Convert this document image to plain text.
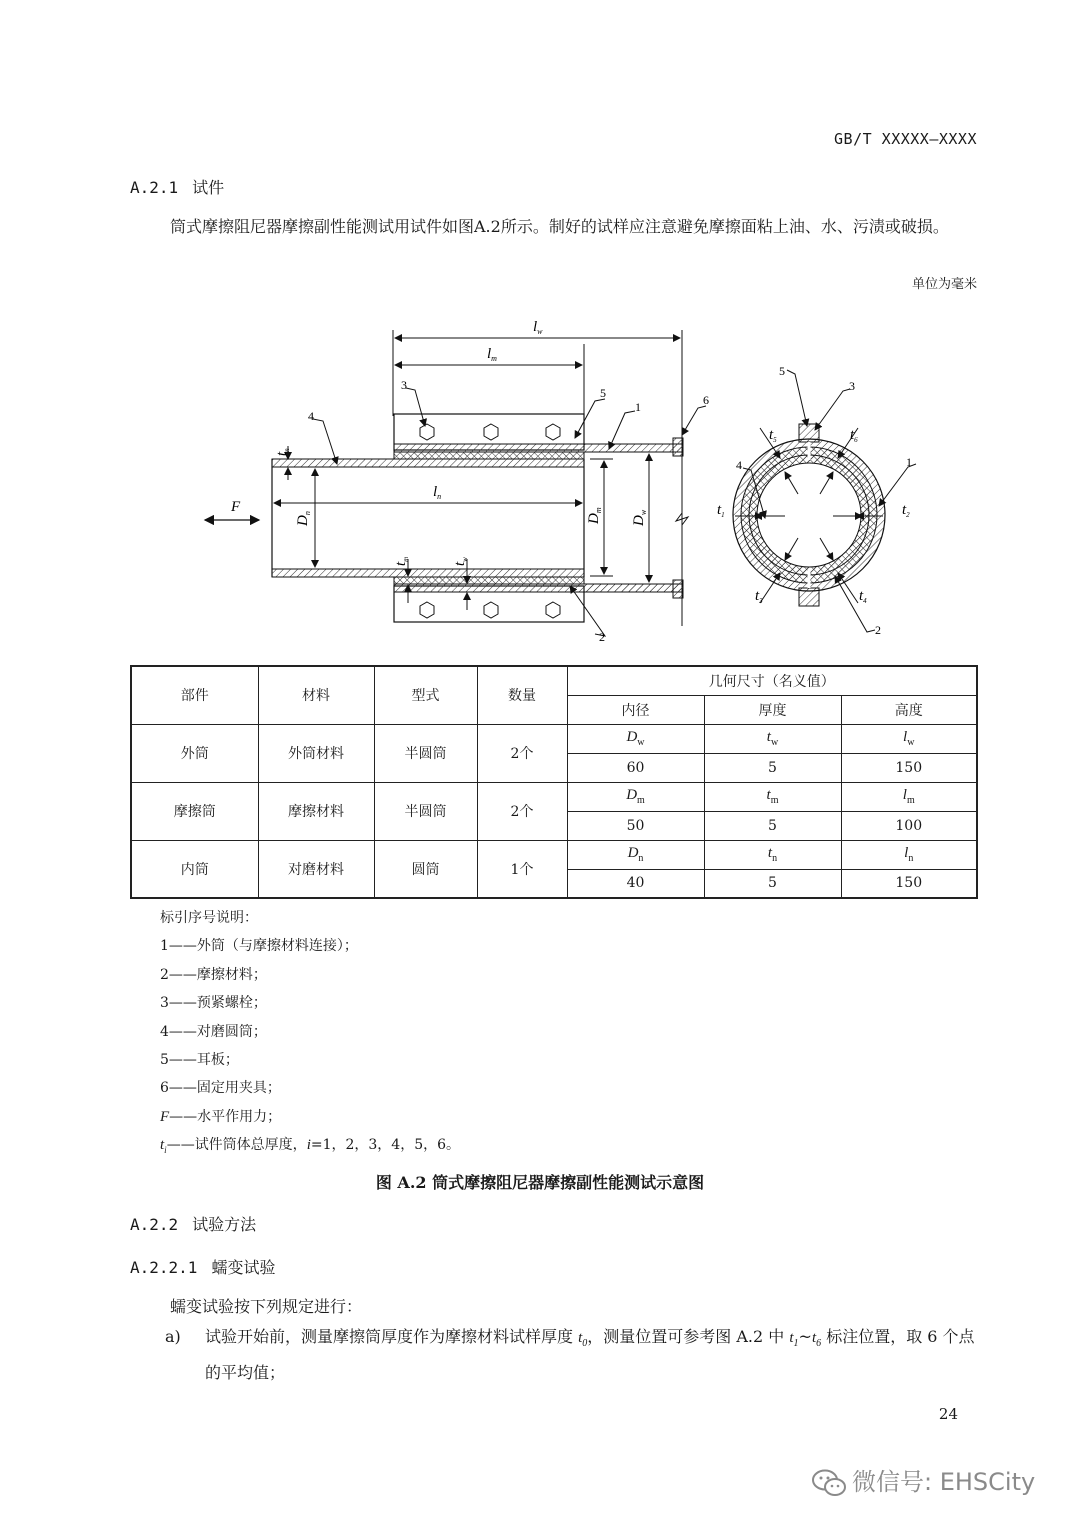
GB/T XXXXX—XXXX
A.2.1 试件
筒式摩擦阻尼器摩擦副性能测试用试件如图A.2所示。制好的试样应注意避免摩擦面粘上油、水、污渍或破损。
单位为毫米
$l_w$
$l_m$
$D_n$	$D_m$
$D_w$
$l_n$
$t_n$
$t_m$
$t_w$
F
4
3
5
1	6
2
$t_1$	$t_2$
$t_5$	$t_6$
$t_3$	$t_4$
5
3
4	1
2
部件	材料	型式	数量	几何尺寸（名义值）		
				内径	厚度	高度
外筒	外筒材料	半圆筒	2个	$D_w$	$t_w$	$l_w$
				60	5	150
摩擦筒	摩擦材料	半圆筒	2个	$D_m$	$t_m$	$l_m$
				50	5	100
内筒	对磨材料	圆筒	1个	$D_n$	$t_n$	$l_n$
				40	5	150
标引序号说明：
1——外筒（与摩擦材料连接）；
2——摩擦材料；
3——预紧螺栓；
4——对磨圆筒；
5——耳板；
6——固定用夹具；
F——水平作用力；
$t_i——$试件筒体总厚度，i=1，2，3，4，5，6。
图 A.2 筒式摩擦阻尼器摩擦副性能测试示意图
A.2.2 试验方法
A.2.2.1 蠕变试验
蠕变试验按下列规定进行：
a) 试验开始前，测量摩擦筒厚度作为摩擦材料试样厚度 $t_0$，测量位置可参考图 A.2 中 $t_1\sim t_6$ 标注位置，取 6 个点的平均值；
24
微信号: EHSCity
